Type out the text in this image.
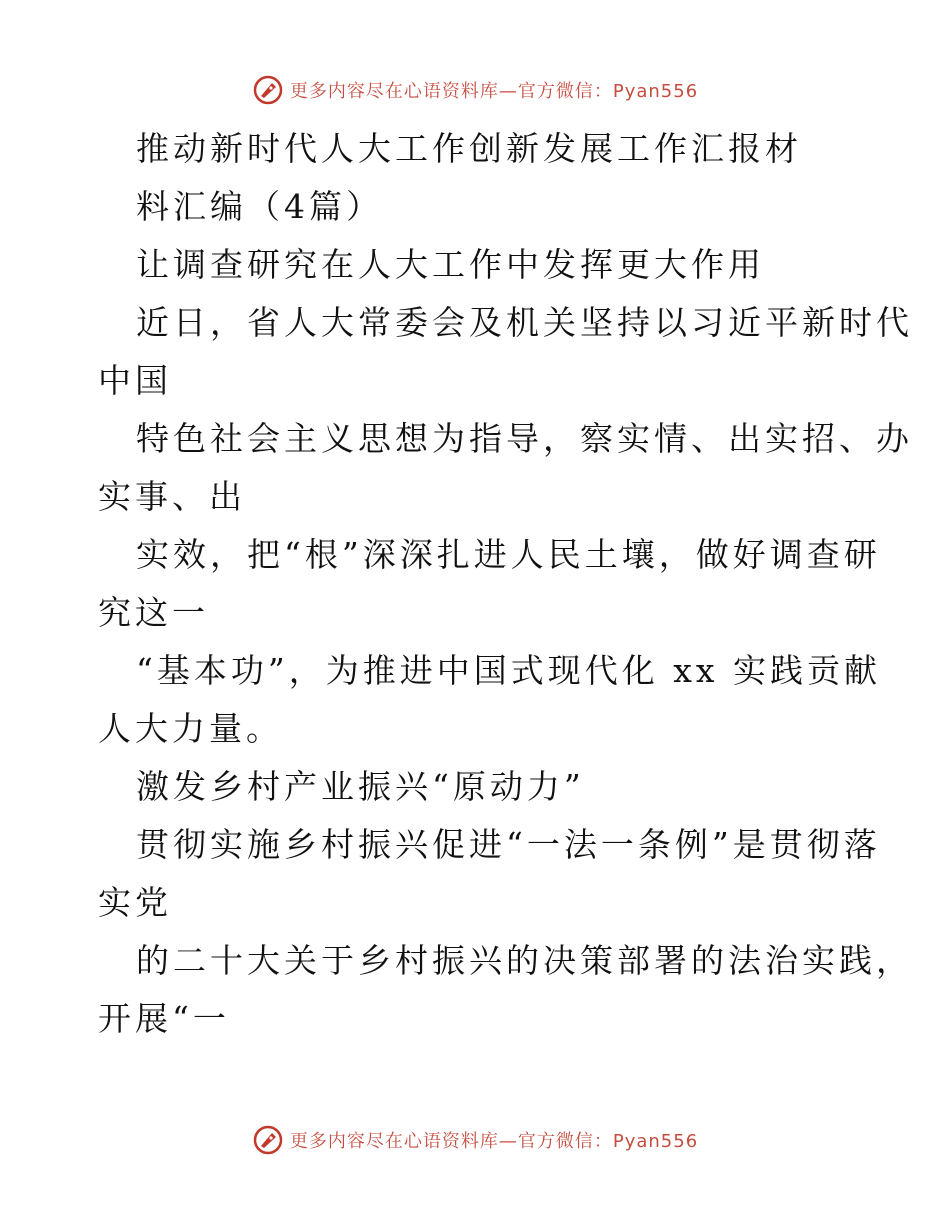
更多内容尽在心语资料库—官方微信：Pyan556
推动新时代人大工作创新发展工作汇报材
料汇编（4篇）
让调查研究在人大工作中发挥更大作用
近日，省人大常委会及机关坚持以习近平新时代
中国
特色社会主义思想为指导，察实情、出实招、办
实事、出
实效，把“根”深深扎进人民土壤，做好调查研
究这一
“基本功”，为推进中国式现代化 xx 实践贡献
人大力量。
激发乡村产业振兴“原动力”
贯彻实施乡村振兴促进“一法一条例”是贯彻落
实党
的二十大关于乡村振兴的决策部署的法治实践，
开展“一
更多内容尽在心语资料库—官方微信：Pyan556
